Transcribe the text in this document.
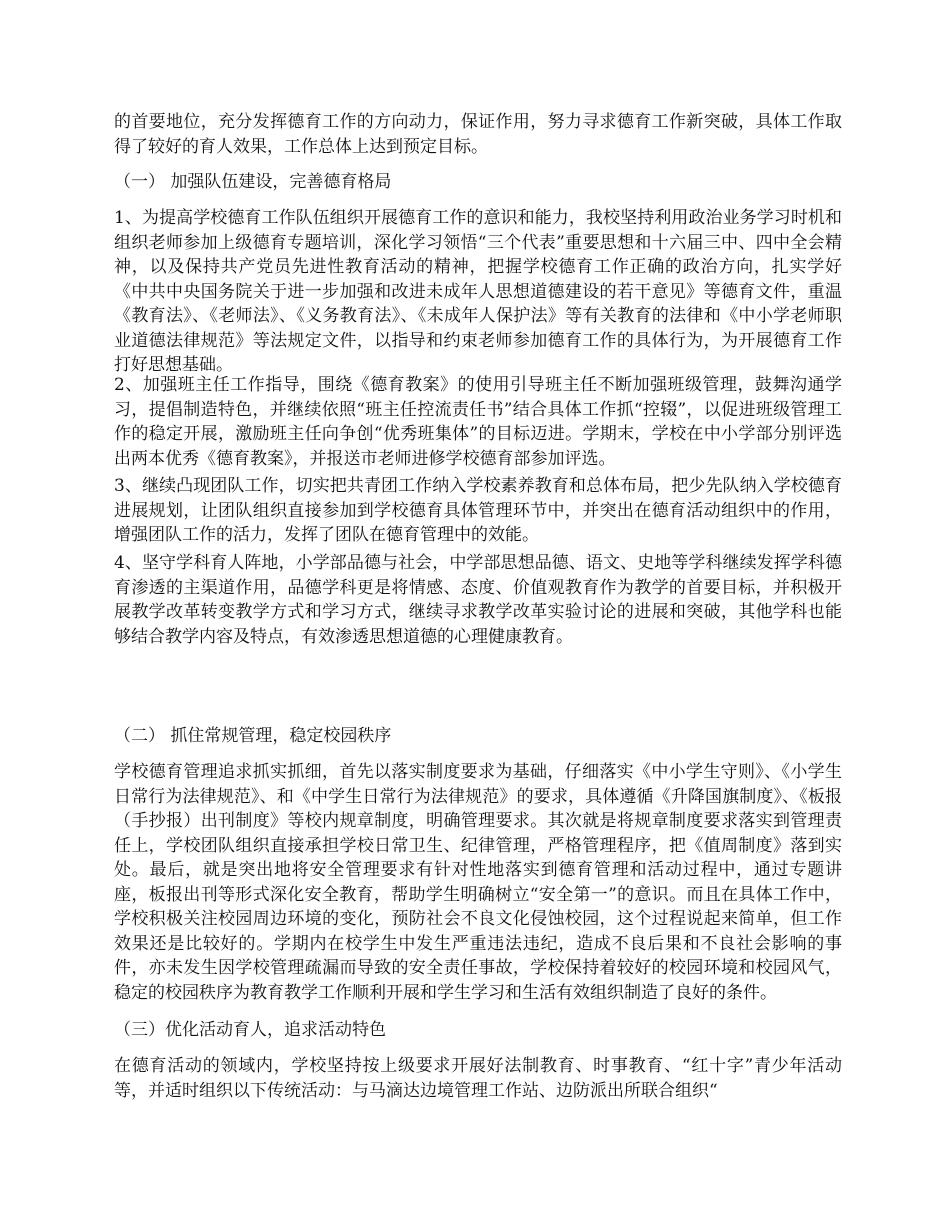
的首要地位，充分发挥德育工作的方向动力，保证作用，努力寻求德育工作新突破，具体工作取得了较好的育人效果，工作总体上达到预定目标。

（一） 加强队伍建设，完善德育格局

1、为提高学校德育工作队伍组织开展德育工作的意识和能力，我校坚持利用政治业务学习时机和组织老师参加上级德育专题培训，深化学习领悟“三个代表”重要思想和十六届三中、四中全会精神，以及保持共产党员先进性教育活动的精神，把握学校德育工作正确的政治方向，扎实学好《中共中央国务院关于进一步加强和改进未成年人思想道德建设的若干意见》等德育文件，重温《教育法》、《老师法》、《义务教育法》、《未成年人保护法》等有关教育的法律和《中小学老师职业道德法律规范》等法规定文件，以指导和约束老师参加德育工作的具体行为，为开展德育工作打好思想基础。

2、加强班主任工作指导，围绕《德育教案》的使用引导班主任不断加强班级管理，鼓舞沟通学习，提倡制造特色，并继续依照“班主任控流责任书”结合具体工作抓“控辍”，以促进班级管理工作的稳定开展，激励班主任向争创“优秀班集体”的目标迈进。学期末，学校在中小学部分别评选出两本优秀《德育教案》，并报送市老师进修学校德育部参加评选。

3、继续凸现团队工作，切实把共青团工作纳入学校素养教育和总体布局，把少先队纳入学校德育进展规划，让团队组织直接参加到学校德育具体管理环节中，并突出在德育活动组织中的作用，增强团队工作的活力，发挥了团队在德育管理中的效能。

4、坚守学科育人阵地，小学部品德与社会，中学部思想品德、语文、史地等学科继续发挥学科德育渗透的主渠道作用，品德学科更是将情感、态度、价值观教育作为教学的首要目标，并积极开展教学改革转变教学方式和学习方式，继续寻求教学改革实验讨论的进展和突破，其他学科也能够结合教学内容及特点，有效渗透思想道德的心理健康教育。

（二） 抓住常规管理，稳定校园秩序

学校德育管理追求抓实抓细，首先以落实制度要求为基础，仔细落实《中小学生守则》、《小学生日常行为法律规范》、和《中学生日常行为法律规范》的要求，具体遵循《升降国旗制度》、《板报（手抄报）出刊制度》等校内规章制度，明确管理要求。其次就是将规章制度要求落实到管理责任上，学校团队组织直接承担学校日常卫生、纪律管理，严格管理程序，把《值周制度》落到实处。最后，就是突出地将安全管理要求有针对性地落实到德育管理和活动过程中，通过专题讲座，板报出刊等形式深化安全教育，帮助学生明确树立“安全第一”的意识。而且在具体工作中，学校积极关注校园周边环境的变化，预防社会不良文化侵蚀校园，这个过程说起来简单，但工作效果还是比较好的。学期内在校学生中发生严重违法违纪，造成不良后果和不良社会影响的事件，亦未发生因学校管理疏漏而导致的安全责任事故，学校保持着较好的校园环境和校园风气，稳定的校园秩序为教育教学工作顺利开展和学生学习和生活有效组织制造了良好的条件。

（三）优化活动育人，追求活动特色

在德育活动的领域内，学校坚持按上级要求开展好法制教育、时事教育、“红十字”青少年活动等，并适时组织以下传统活动：与马滴达边境管理工作站、边防派出所联合组织“
